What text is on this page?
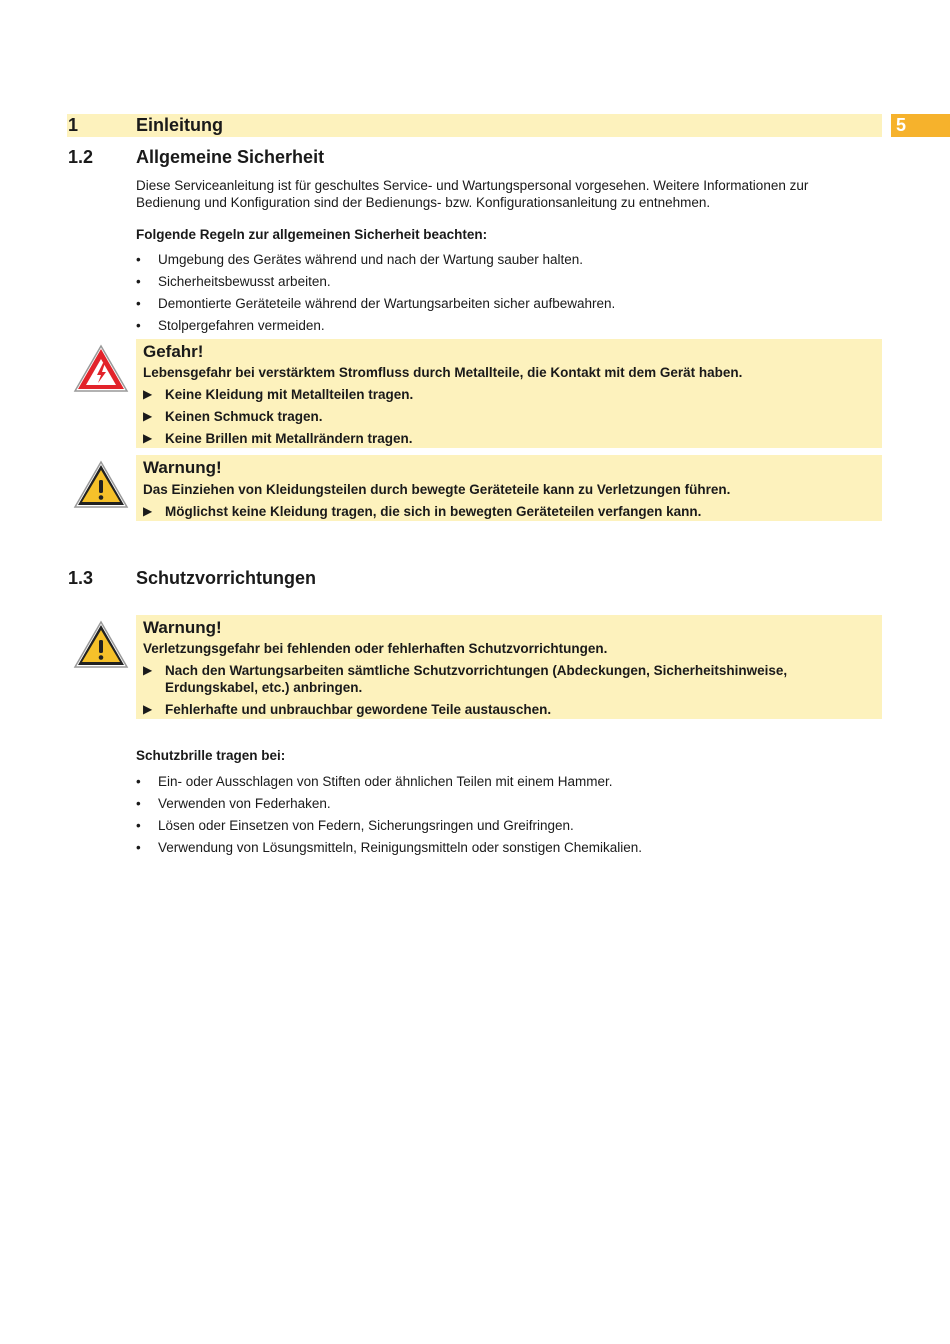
1	Einleitung	5
1.2 Allgemeine Sicherheit
Diese Serviceanleitung ist für geschultes Service- und Wartungspersonal vorgesehen. Weitere Informationen zur
Bedienung und Konfiguration sind der Bedienungs- bzw. Konfigurationsanleitung zu entnehmen.
Folgende Regeln zur allgemeinen Sicherheit beachten:
• Umgebung des Gerätes während und nach der Wartung sauber halten.
• Sicherheitsbewusst arbeiten.
• Demontierte Geräteteile während der Wartungsarbeiten sicher aufbewahren.
• Stolpergefahren vermeiden.
Gefahr!
Lebensgefahr bei verstärktem Stromfluss durch Metallteile, die Kontakt mit dem Gerät haben.
▶ Keine Kleidung mit Metallteilen tragen.
▶ Keinen Schmuck tragen.
▶ Keine Brillen mit Metallrändern tragen.
Warnung!
Das Einziehen von Kleidungsteilen durch bewegte Geräteteile kann zu Verletzungen führen.
▶ Möglichst keine Kleidung tragen, die sich in bewegten Geräteteilen verfangen kann.
1.3 Schutzvorrichtungen
Warnung!
Verletzungsgefahr bei fehlenden oder fehlerhaften Schutzvorrichtungen.
▶ Nach den Wartungsarbeiten sämtliche Schutzvorrichtungen (Abdeckungen, Sicherheitshinweise,
Erdungskabel, etc.) anbringen.
▶ Fehlerhafte und unbrauchbar gewordene Teile austauschen.
Schutzbrille tragen bei:
• Ein- oder Ausschlagen von Stiften oder ähnlichen Teilen mit einem Hammer.
• Verwenden von Federhaken.
• Lösen oder Einsetzen von Federn, Sicherungsringen und Greifringen.
• Verwendung von Lösungsmitteln, Reinigungsmitteln oder sonstigen Chemikalien.
